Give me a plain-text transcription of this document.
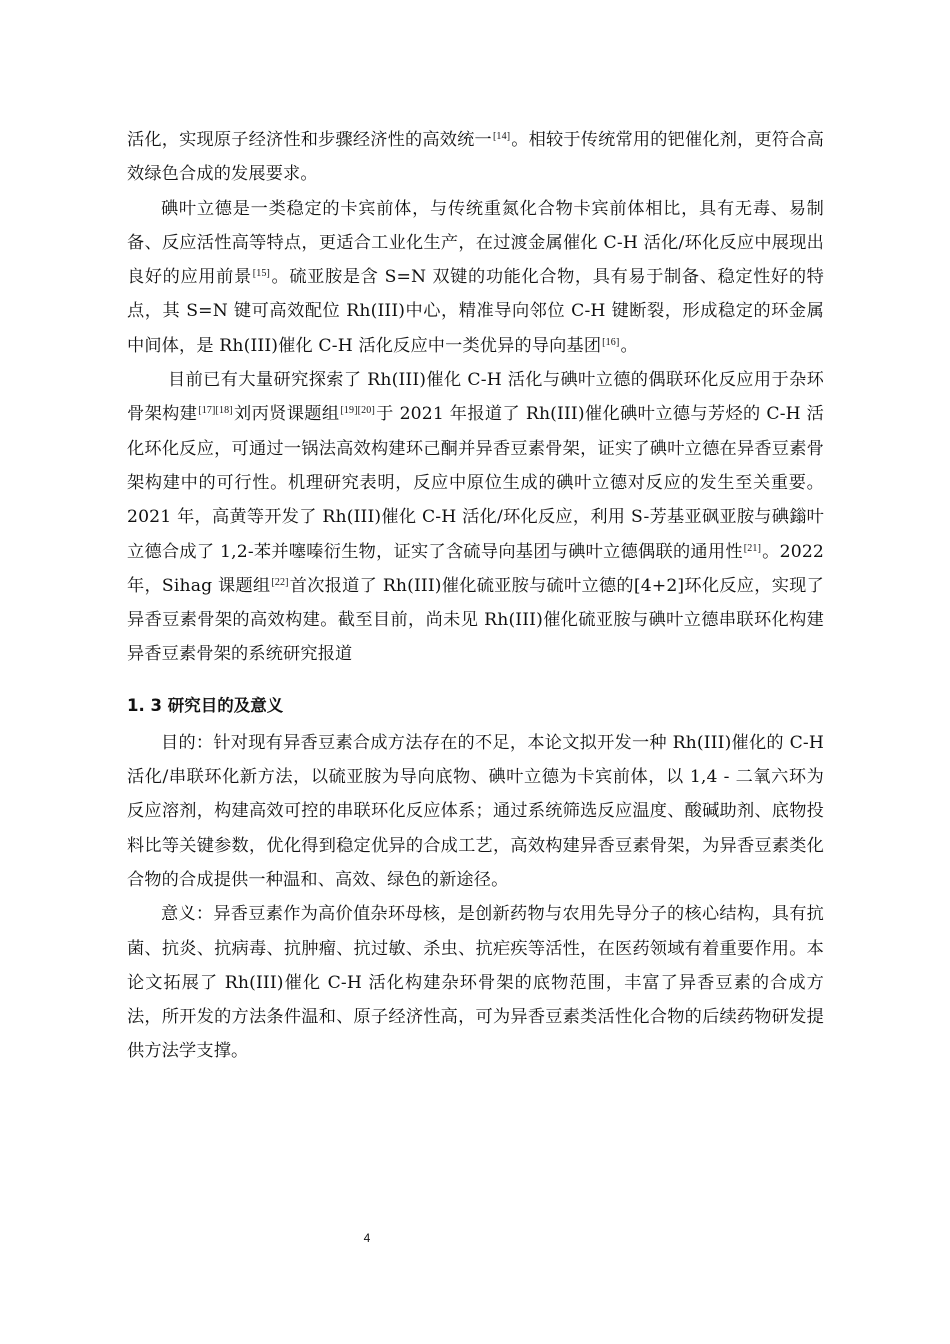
活化，实现原子经济性和步骤经济性的高效统一[14]。相较于传统常用的钯催化剂，更符合高效绿色合成的发展要求。

碘叶立德是一类稳定的卡宾前体，与传统重氮化合物卡宾前体相比，具有无毒、易制备、反应活性高等特点，更适合工业化生产，在过渡金属催化 C-H 活化/环化反应中展现出良好的应用前景[15]。硫亚胺是含 S=N 双键的功能化合物，具有易于制备、稳定性好的特点，其 S=N 键可高效配位 Rh(III)中心，精准导向邻位 C-H 键断裂，形成稳定的环金属中间体，是 Rh(III)催化 C-H 活化反应中一类优异的导向基团[16]。

目前已有大量研究探索了 Rh(III)催化 C-H 活化与碘叶立德的偶联环化反应用于杂环骨架构建[17][18]刘丙贤课题组[19][20]于 2021 年报道了 Rh(III)催化碘叶立德与芳烃的 C-H 活化环化反应，可通过一锅法高效构建环己酮并异香豆素骨架，证实了碘叶立德在异香豆素骨架构建中的可行性。机理研究表明，反应中原位生成的碘叶立德对反应的发生至关重要。2021 年，高黄等开发了 Rh(III)催化 C-H 活化/环化反应，利用 S-芳基亚砜亚胺与碘鎓叶立德合成了 1,2-苯并噻嗪衍生物，证实了含硫导向基团与碘叶立德偶联的通用性[21]。2022 年，Sihag 课题组[22]首次报道了 Rh(III)催化硫亚胺与硫叶立德的[4+2]环化反应，实现了异香豆素骨架的高效构建。截至目前，尚未见 Rh(III)催化硫亚胺与碘叶立德串联环化构建异香豆素骨架的系统研究报道

1. 3 研究目的及意义

目的：针对现有异香豆素合成方法存在的不足，本论文拟开发一种 Rh(III)催化的 C-H 活化/串联环化新方法，以硫亚胺为导向底物、碘叶立德为卡宾前体，以 1,4 - 二氧六环为反应溶剂，构建高效可控的串联环化反应体系；通过系统筛选反应温度、酸碱助剂、底物投料比等关键参数，优化得到稳定优异的合成工艺，高效构建异香豆素骨架，为异香豆素类化合物的合成提供一种温和、高效、绿色的新途径。

意义：异香豆素作为高价值杂环母核，是创新药物与农用先导分子的核心结构，具有抗菌、抗炎、抗病毒、抗肿瘤、抗过敏、杀虫、抗疟疾等活性，在医药领域有着重要作用。本论文拓展了 Rh(III)催化 C-H 活化构建杂环骨架的底物范围，丰富了异香豆素的合成方法，所开发的方法条件温和、原子经济性高，可为异香豆素类活性化合物的后续药物研发提供方法学支撑。

4
